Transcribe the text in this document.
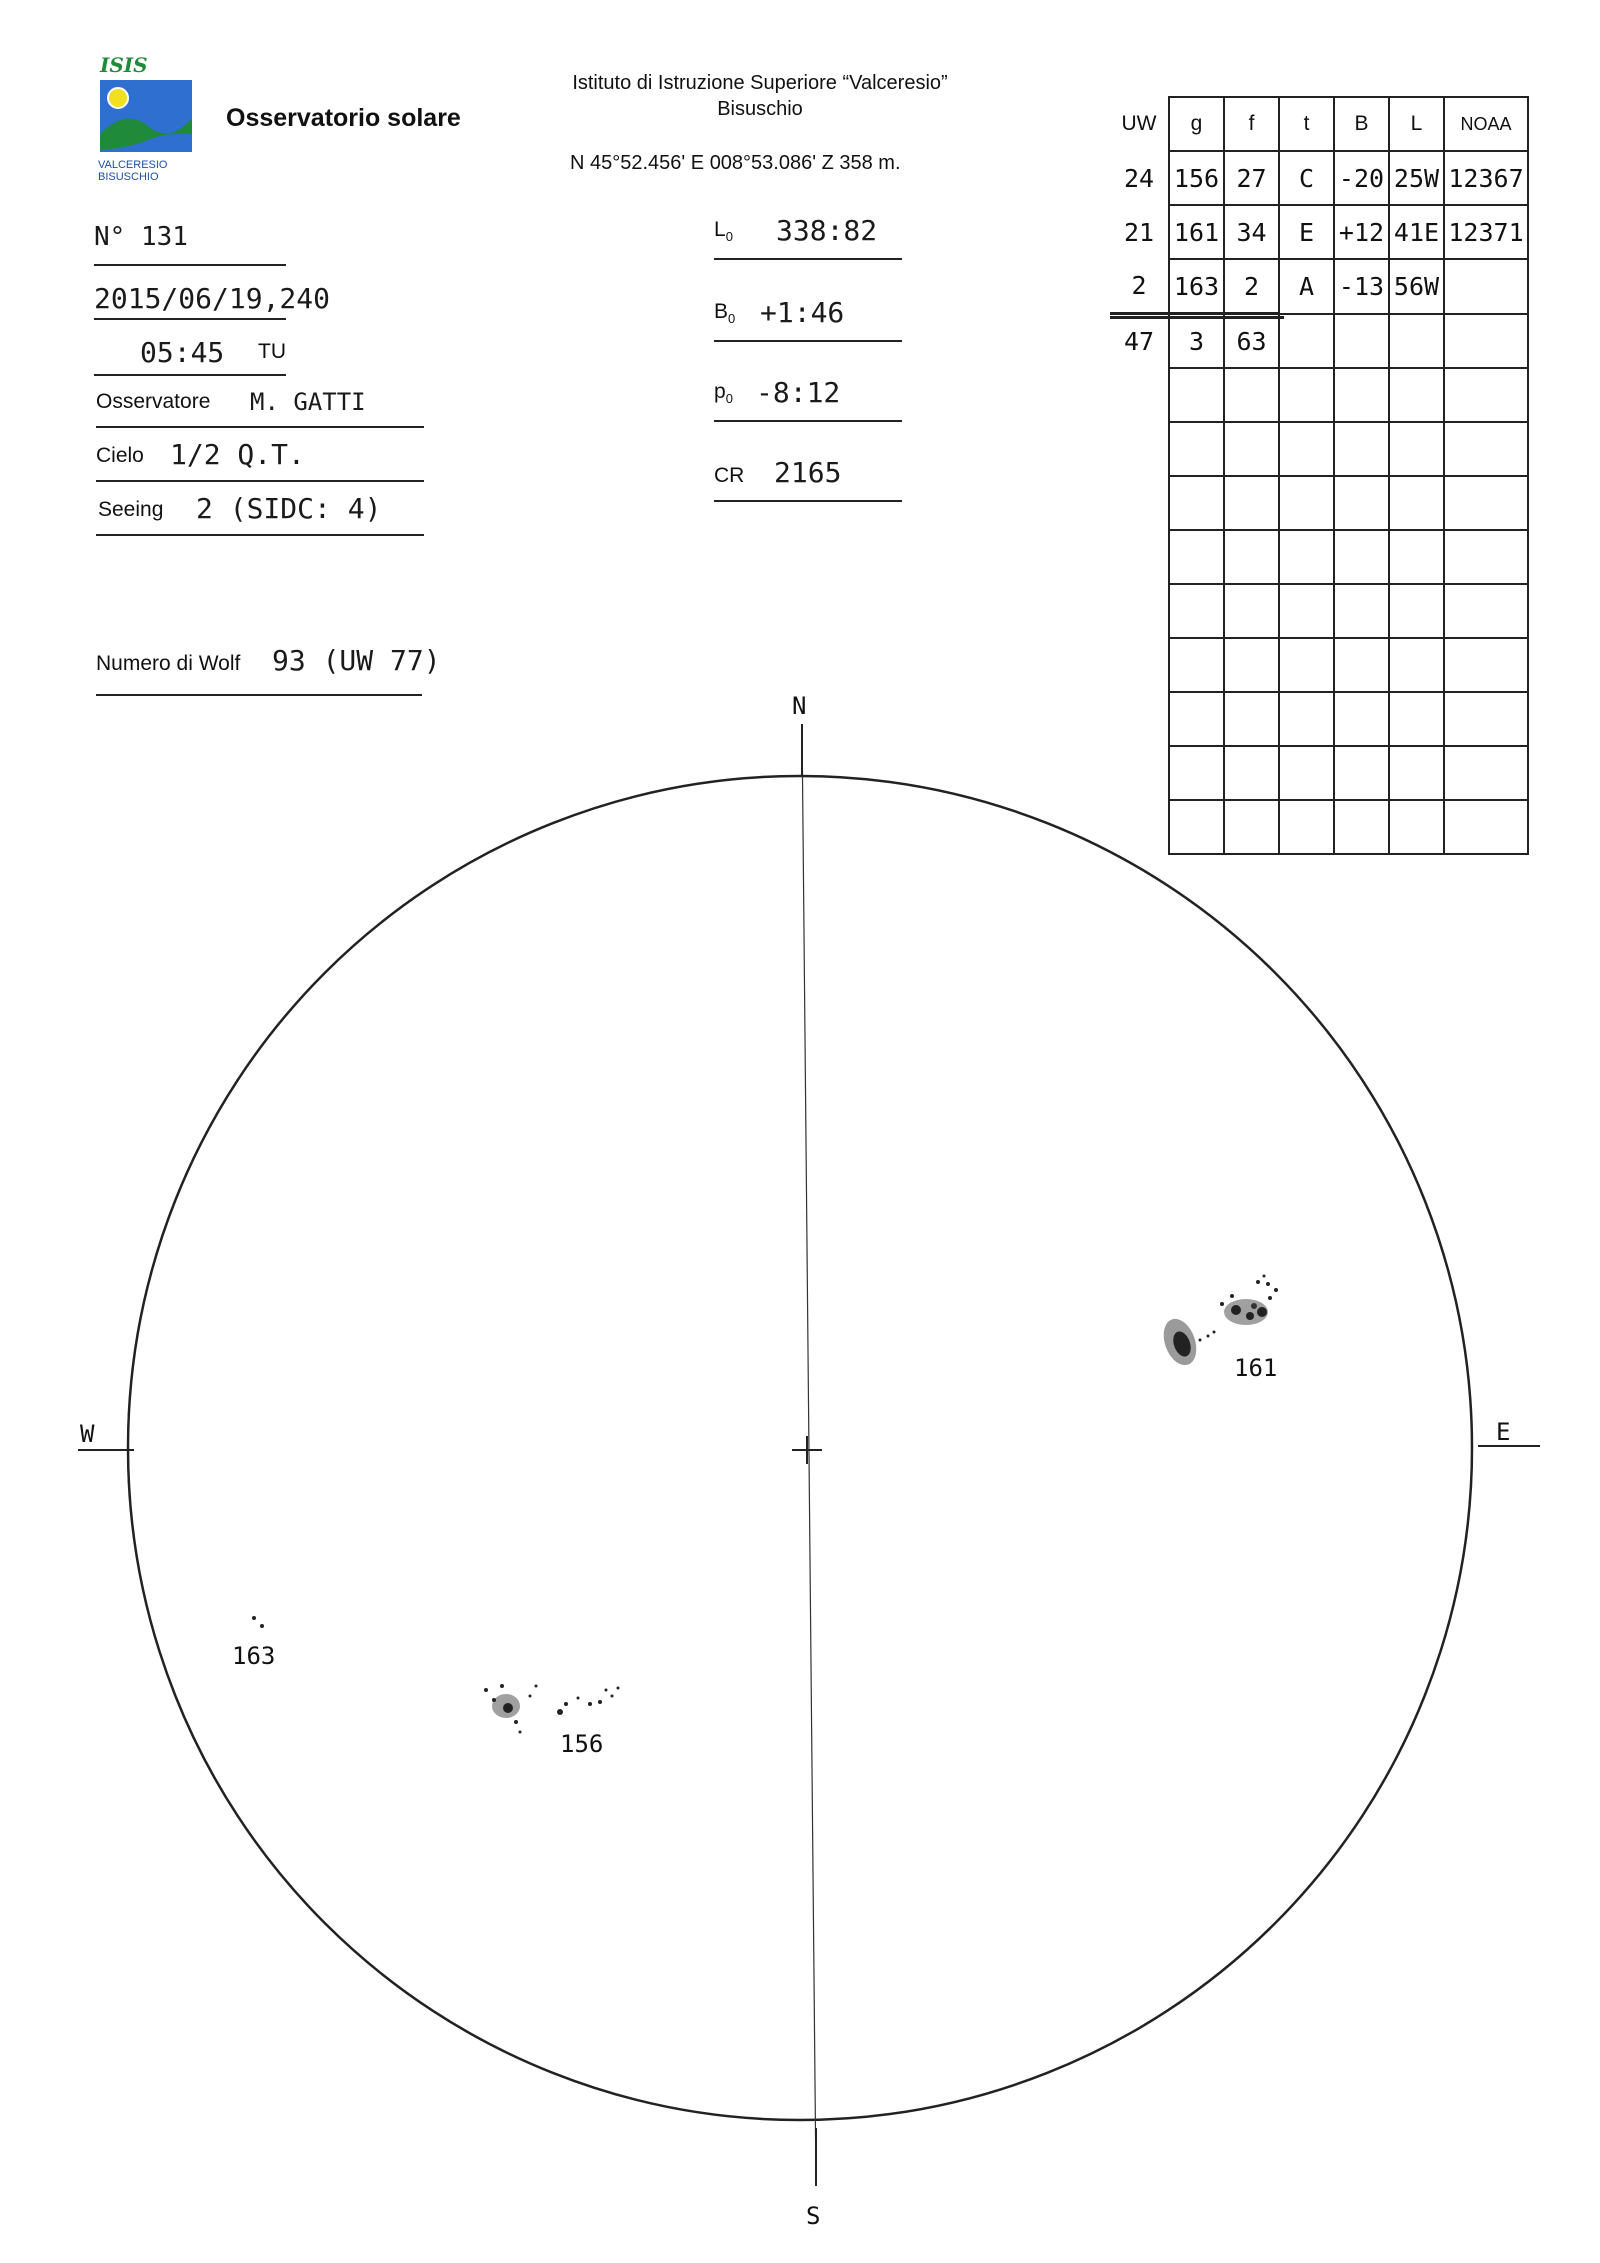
ISIS
VALCERESIO
BISUSCHIO
Osservatorio solare
Istituto di Istruzione Superiore “Valceresio”
Bisuschio
N 45°52.456' E 008°53.086' Z 358 m.
N° 131
2015/06/19,240
05:45 TU
Osservatore M. GATTI
Cielo 1/2 Q.T.
Seeing 2 (SIDC: 4)
Numero di Wolf 93 (UW 77)
$L_0$ 338:82
$B_0$ +1:46
$p_0$ -8:12
CR 2165
UW	g	f	t	B	L	NOAA
24	156	27	C	-20	25W	12367
21	161	34	E	+12	41E	12371
2	163	2	A	-13	56W	
47	3	63				

N
S
W	E
161
163
156
